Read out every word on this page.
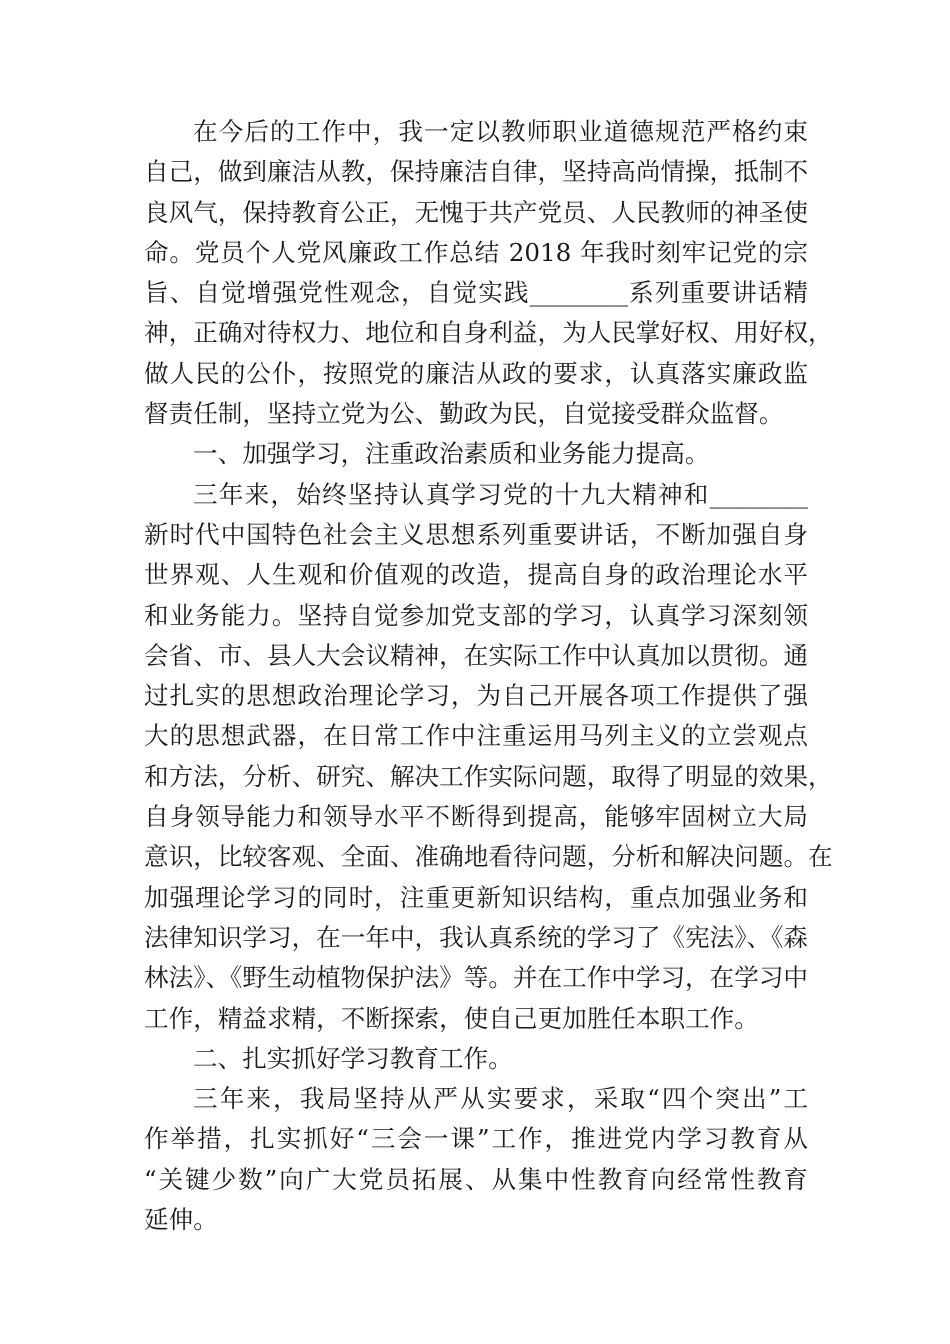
在今后的工作中，我一定以教师职业道德规范严格约束
自己，做到廉洁从教，保持廉洁自律，坚持高尚情操，抵制不
良风气，保持教育公正，无愧于共产党员、人民教师的神圣使
命。党员个人党风廉政工作总结 2018 年我时刻牢记党的宗
旨、自觉增强党性观念，自觉实践________系列重要讲话精
神，正确对待权力、地位和自身利益，为人民掌好权、用好权，
做人民的公仆，按照党的廉洁从政的要求，认真落实廉政监
督责任制，坚持立党为公、勤政为民，自觉接受群众监督。
一、加强学习，注重政治素质和业务能力提高。
三年来，始终坚持认真学习党的十九大精神和________
新时代中国特色社会主义思想系列重要讲话，不断加强自身
世界观、人生观和价值观的改造，提高自身的政治理论水平
和业务能力。坚持自觉参加党支部的学习，认真学习深刻领
会省、市、县人大会议精神，在实际工作中认真加以贯彻。通
过扎实的思想政治理论学习，为自己开展各项工作提供了强
大的思想武器，在日常工作中注重运用马列主义的立尝观点
和方法，分析、研究、解决工作实际问题，取得了明显的效果，
自身领导能力和领导水平不断得到提高，能够牢固树立大局
意识，比较客观、全面、准确地看待问题，分析和解决问题。在
加强理论学习的同时，注重更新知识结构，重点加强业务和
法律知识学习，在一年中，我认真系统的学习了《宪法》、《森
林法》、《野生动植物保护法》等。并在工作中学习，在学习中
工作，精益求精，不断探索，使自己更加胜任本职工作。
二、扎实抓好学习教育工作。
三年来，我局坚持从严从实要求，采取“四个突出”工
作举措，扎实抓好“三会一课”工作，推进党内学习教育从
“关键少数”向广大党员拓展、从集中性教育向经常性教育
延伸。
